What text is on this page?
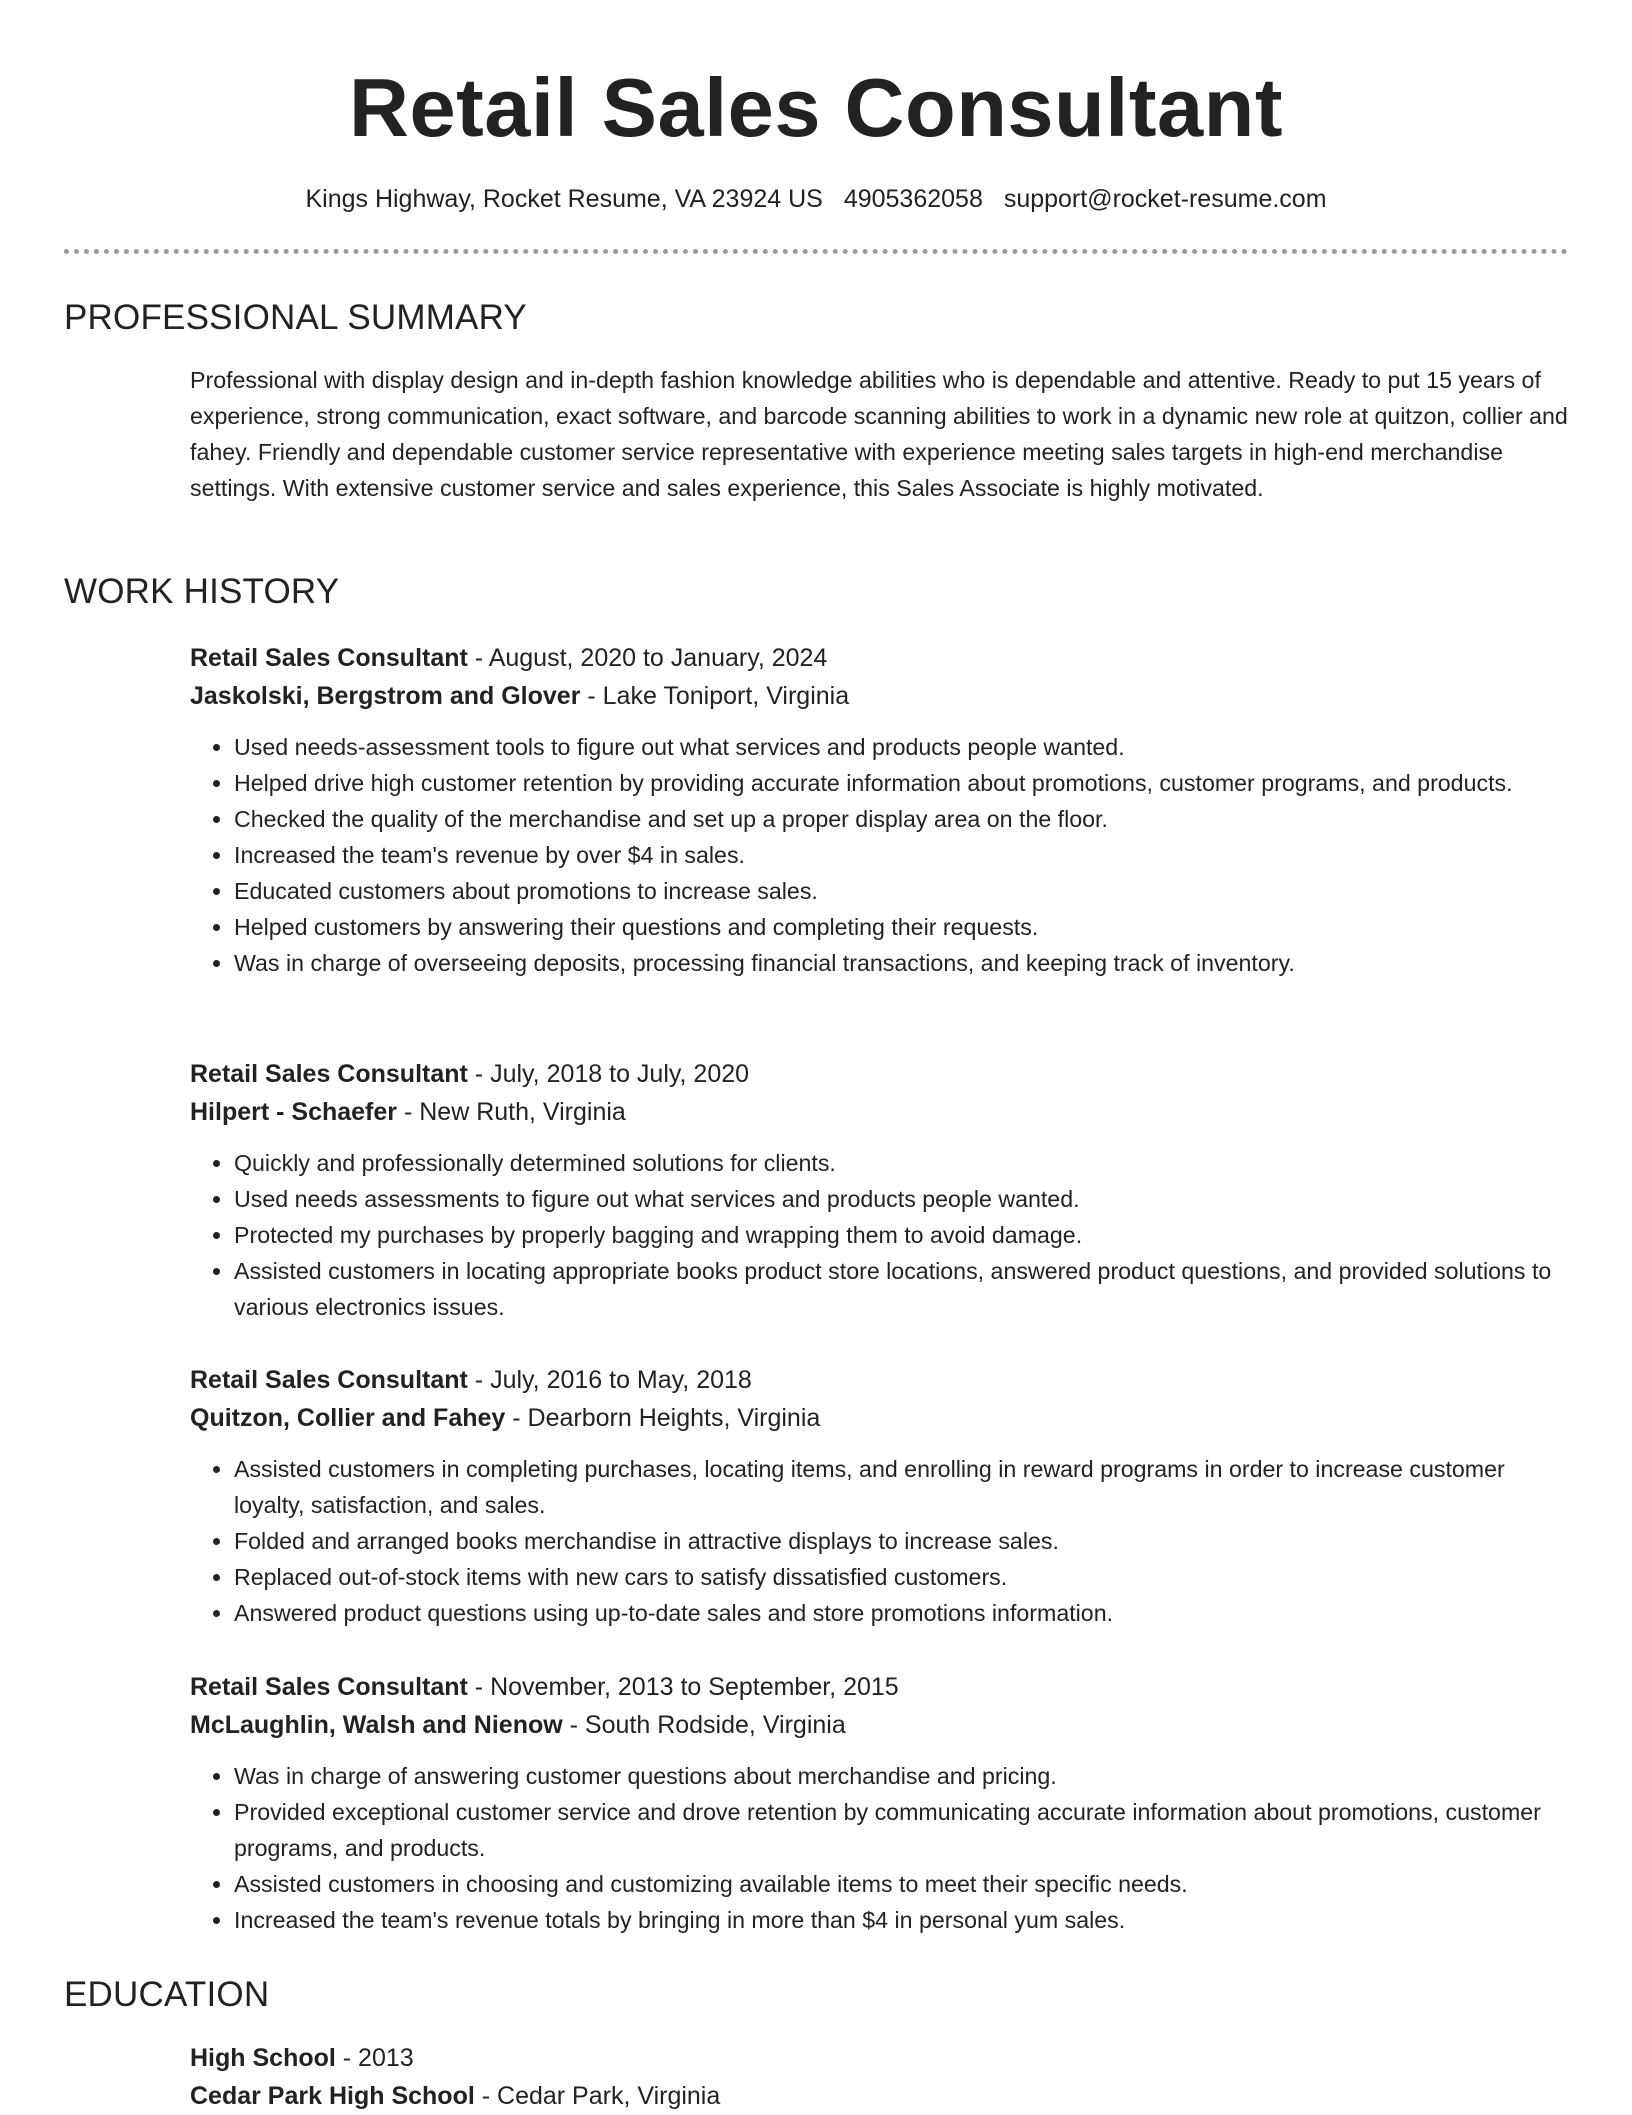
Retail Sales Consultant
Kings Highway, Rocket Resume, VA 23924 US 4905362058 support@rocket-resume.com
PROFESSIONAL SUMMARY

Professional with display design and in-depth fashion knowledge abilities who is dependable and attentive. Ready to put 15 years of experience, strong communication, exact software, and barcode scanning abilities to work in a dynamic new role at quitzon, collier and fahey. Friendly and dependable customer service representative with experience meeting sales targets in high-end merchandise settings. With extensive customer service and sales experience, this Sales Associate is highly motivated.

WORK HISTORY

Retail Sales Consultant - August, 2020 to January, 2024

Jaskolski, Bergstrom and Glover - Lake Toniport, Virginia

• Used needs-assessment tools to figure out what services and products people wanted.
• Helped drive high customer retention by providing accurate information about promotions, customer programs, and products.
• Checked the quality of the merchandise and set up a proper display area on the floor.
• Increased the team's revenue by over $4 in sales.
• Educated customers about promotions to increase sales.
• Helped customers by answering their questions and completing their requests.
• Was in charge of overseeing deposits, processing financial transactions, and keeping track of inventory.

Retail Sales Consultant - July, 2018 to July, 2020

Hilpert - Schaefer - New Ruth, Virginia

• Quickly and professionally determined solutions for clients.
• Used needs assessments to figure out what services and products people wanted.
• Protected my purchases by properly bagging and wrapping them to avoid damage.
• Assisted customers in locating appropriate books product store locations, answered product questions, and provided solutions to various electronics issues.

Retail Sales Consultant - July, 2016 to May, 2018

Quitzon, Collier and Fahey - Dearborn Heights, Virginia

• Assisted customers in completing purchases, locating items, and enrolling in reward programs in order to increase customer loyalty, satisfaction, and sales.
• Folded and arranged books merchandise in attractive displays to increase sales.
• Replaced out-of-stock items with new cars to satisfy dissatisfied customers.
• Answered product questions using up-to-date sales and store promotions information.

Retail Sales Consultant - November, 2013 to September, 2015

McLaughlin, Walsh and Nienow - South Rodside, Virginia

• Was in charge of answering customer questions about merchandise and pricing.
• Provided exceptional customer service and drove retention by communicating accurate information about promotions, customer programs, and products.
• Assisted customers in choosing and customizing available items to meet their specific needs.
• Increased the team's revenue totals by bringing in more than $4 in personal yum sales.
EDUCATION

High School - 2013

Cedar Park High School - Cedar Park, Virginia
